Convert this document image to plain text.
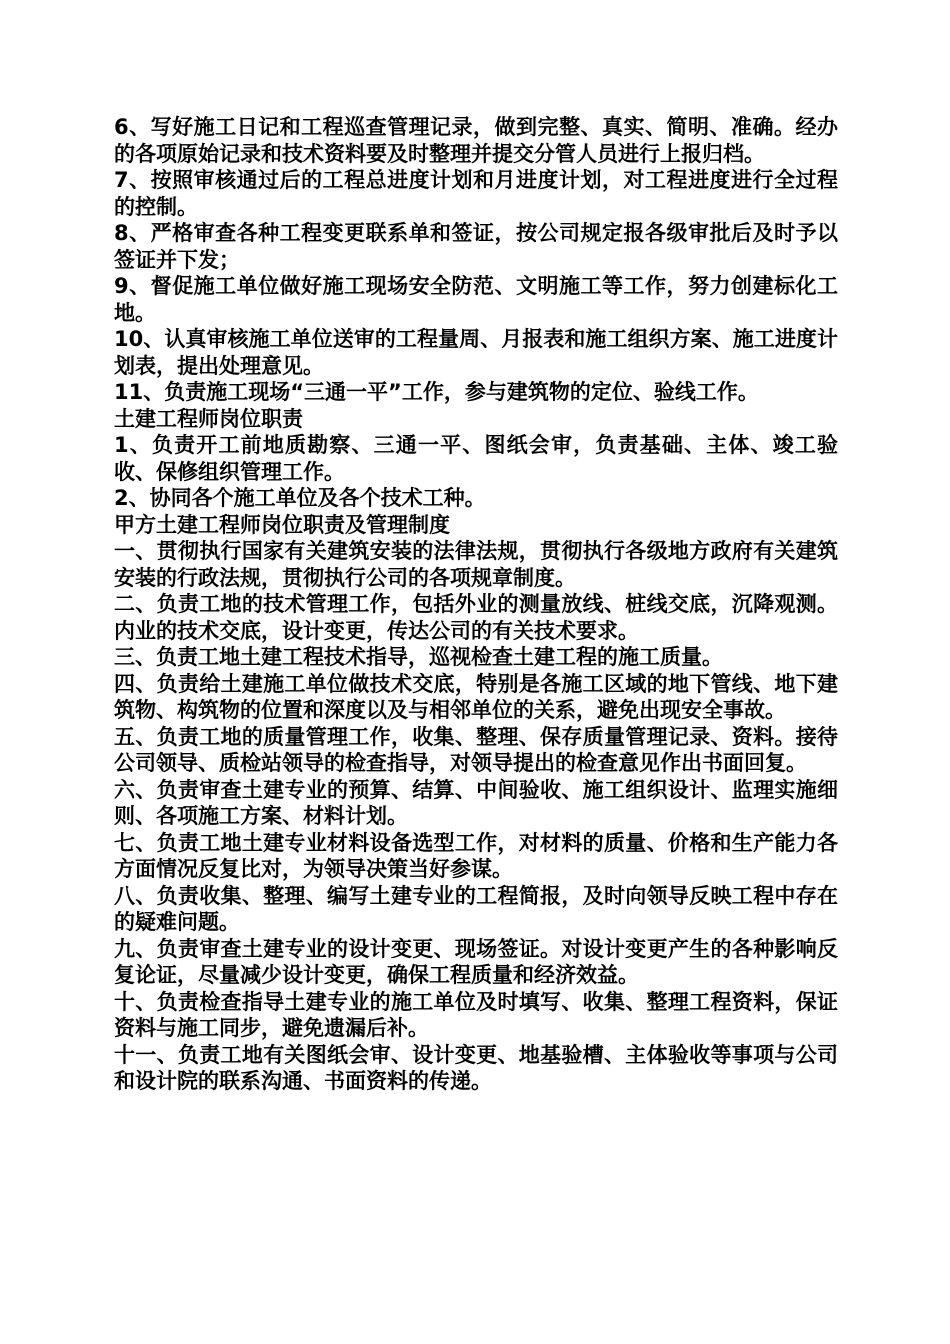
6、写好施工日记和工程巡查管理记录，做到完整、真实、简明、准确。经办的各项原始记录和技术资料要及时整理并提交分管人员进行上报归档。

7、按照审核通过后的工程总进度计划和月进度计划，对工程进度进行全过程的控制。

8、严格审查各种工程变更联系单和签证，按公司规定报各级审批后及时予以签证并下发；

9、督促施工单位做好施工现场安全防范、文明施工等工作，努力创建标化工地。

10、认真审核施工单位送审的工程量周、月报表和施工组织方案、施工进度计划表，提出处理意见。

11、负责施工现场“三通一平”工作，参与建筑物的定位、验线工作。

土建工程师岗位职责

1、负责开工前地质勘察、三通一平、图纸会审，负责基础、主体、竣工验收、保修组织管理工作。

2、协同各个施工单位及各个技术工种。

甲方土建工程师岗位职责及管理制度

一、贯彻执行国家有关建筑安装的法律法规，贯彻执行各级地方政府有关建筑安装的行政法规，贯彻执行公司的各项规章制度。

二、负责工地的技术管理工作，包括外业的测量放线、桩线交底，沉降观测。内业的技术交底，设计变更，传达公司的有关技术要求。

三、负责工地土建工程技术指导，巡视检查土建工程的施工质量。

四、负责给土建施工单位做技术交底，特别是各施工区域的地下管线、地下建筑物、构筑物的位置和深度以及与相邻单位的关系，避免出现安全事故。

五、负责工地的质量管理工作，收集、整理、保存质量管理记录、资料。接待公司领导、质检站领导的检查指导，对领导提出的检查意见作出书面回复。

六、负责审查土建专业的预算、结算、中间验收、施工组织设计、监理实施细则、各项施工方案、材料计划。

七、负责工地土建专业材料设备选型工作，对材料的质量、价格和生产能力各方面情况反复比对，为领导决策当好参谋。

八、负责收集、整理、编写土建专业的工程简报，及时向领导反映工程中存在的疑难问题。

九、负责审查土建专业的设计变更、现场签证。对设计变更产生的各种影响反复论证，尽量减少设计变更，确保工程质量和经济效益。

十、负责检查指导土建专业的施工单位及时填写、收集、整理工程资料，保证资料与施工同步，避免遗漏后补。

十一、负责工地有关图纸会审、设计变更、地基验槽、主体验收等事项与公司和设计院的联系沟通、书面资料的传递。
